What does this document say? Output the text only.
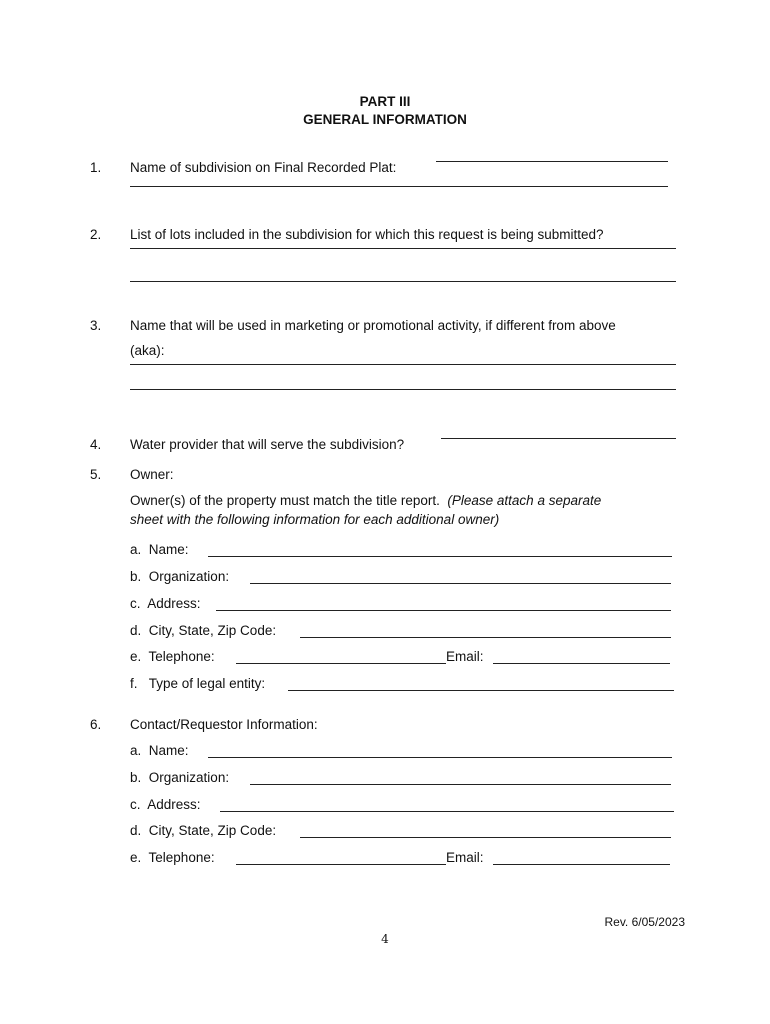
PART III
GENERAL INFORMATION
1. Name of subdivision on Final Recorded Plat:
2. List of lots included in the subdivision for which this request is being submitted?
3. Name that will be used in marketing or promotional activity, if different from above
(aka):
4. Water provider that will serve the subdivision?
5. Owner:
Owner(s) of the property must match the title report. (Please attach a separate
sheet with the following information for each additional owner)
a. Name:
b. Organization:
c. Address:
d. City, State, Zip Code:
e. Telephone:	Email:
f. Type of legal entity:
6. Contact/Requestor Information:
a. Name:
b. Organization:
c. Address:
d. City, State, Zip Code:
e. Telephone:	Email:
Rev. 6/05/2023
4
